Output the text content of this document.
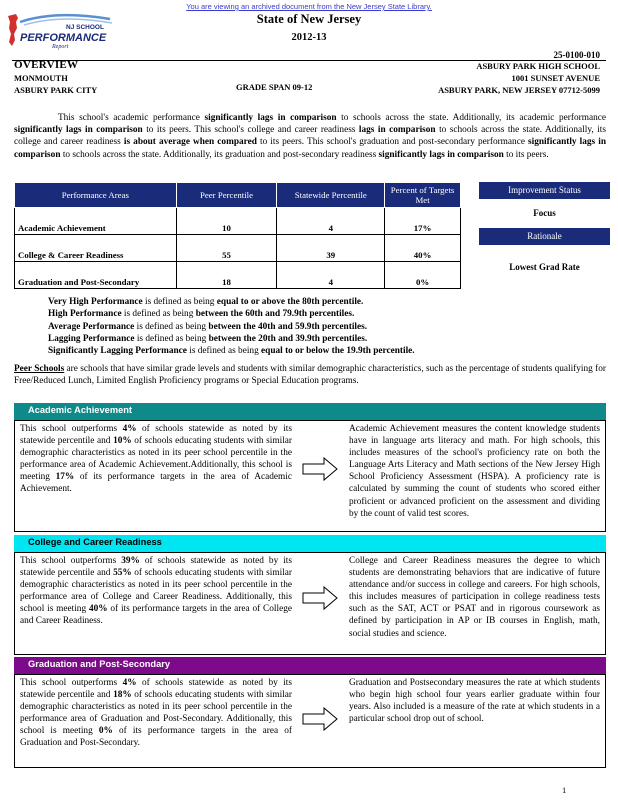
You are viewing an archived document from the New Jersey State Library.
NJ SCHOOL
PERFORMANCE
Report
State of New Jersey
2012-13
25-0100-010
OVERVIEW
MONMOUTH
ASBURY PARK CITY	GRADE SPAN 09-12
ASBURY PARK HIGH SCHOOL
1001 SUNSET AVENUE
ASBURY PARK, NEW JERSEY 07712-5099
This school's academic performance significantly lags in comparison to schools across the state. Additionally, its academic performance significantly lags in comparison to its peers. This school's college and career readiness lags in comparison to schools across the state. Additionally, its college and career readiness is about average when compared to its peers. This school's graduation and post-secondary performance significantly lags in comparison to schools across the state. Additionally, its graduation and post-secondary readiness significantly lags in comparison to its peers.
Performance Areas	Peer Percentile	Statewide Percentile	Percent of Targets Met
Academic Achievement	10	4	17%
College & Career Readiness	55	39	40%
Graduation and Post-Secondary	18	4	0%
Improvement Status
Focus
Rationale
Lowest Grad Rate
Very High Performance is defined as being equal to or above the 80th percentile.
High Performance is defined as being between the 60th and 79.9th percentiles.
Average Performance is defined as being between the 40th and 59.9th percentiles.
Lagging Performance is defined as being between the 20th and 39.9th percentiles.
Significantly Lagging Performance is defined as being equal to or below the 19.9th percentile.
Peer Schools are schools that have similar grade levels and students with similar demographic characteristics, such as the percentage of students qualifying for Free/Reduced Lunch, Limited English Proficiency programs or Special Education programs.
Academic Achievement
This school outperforms 4% of schools statewide as noted by its statewide percentile and 10% of schools educating students with similar demographic characteristics as noted in its peer school percentile in the performance area of Academic Achievement.Additionally, this school is meeting 17% of its performance targets in the area of Academic Achievement.
Academic Achievement measures the content knowledge students have in language arts literacy and math. For high schools, this includes measures of the school's proficiency rate on both the Language Arts Literacy and Math sections of the New Jersey High School Proficiency Assessment (HSPA). A proficiency rate is calculated by summing the count of students who scored either proficient or advanced proficient on the assessment and dividing by the count of valid test scores.
College and Career Readiness
This school outperforms 39% of schools statewide as noted by its statewide percentile and 55% of schools educating students with similar demographic characteristics as noted in its peer school percentile in the performance area of College and Career Readiness. Additionally, this school is meeting 40% of its performance targets in the area of College and Career Readiness.
College and Career Readiness measures the degree to which students are demonstrating behaviors that are indicative of future attendance and/or success in college and careers. For high schools, this includes measures of participation in college readiness tests such as the SAT, ACT or PSAT and in rigorous coursework as defined by participation in AP or IB courses in English, math, social studies and science.
Graduation and Post-Secondary
This school outperforms 4% of schools statewide as noted by its statewide percentile and 18% of schools educating students with similar demographic characteristics as noted in its peer school percentile in the performance area of Graduation and Post-Secondary. Additionally, this school is meeting 0% of its performance targets in the area of Graduation and Post-Secondary.
Graduation and Postsecondary measures the rate at which students who begin high school four years earlier graduate within four years. Also included is a measure of the rate at which students in a particular school drop out of school.
1
